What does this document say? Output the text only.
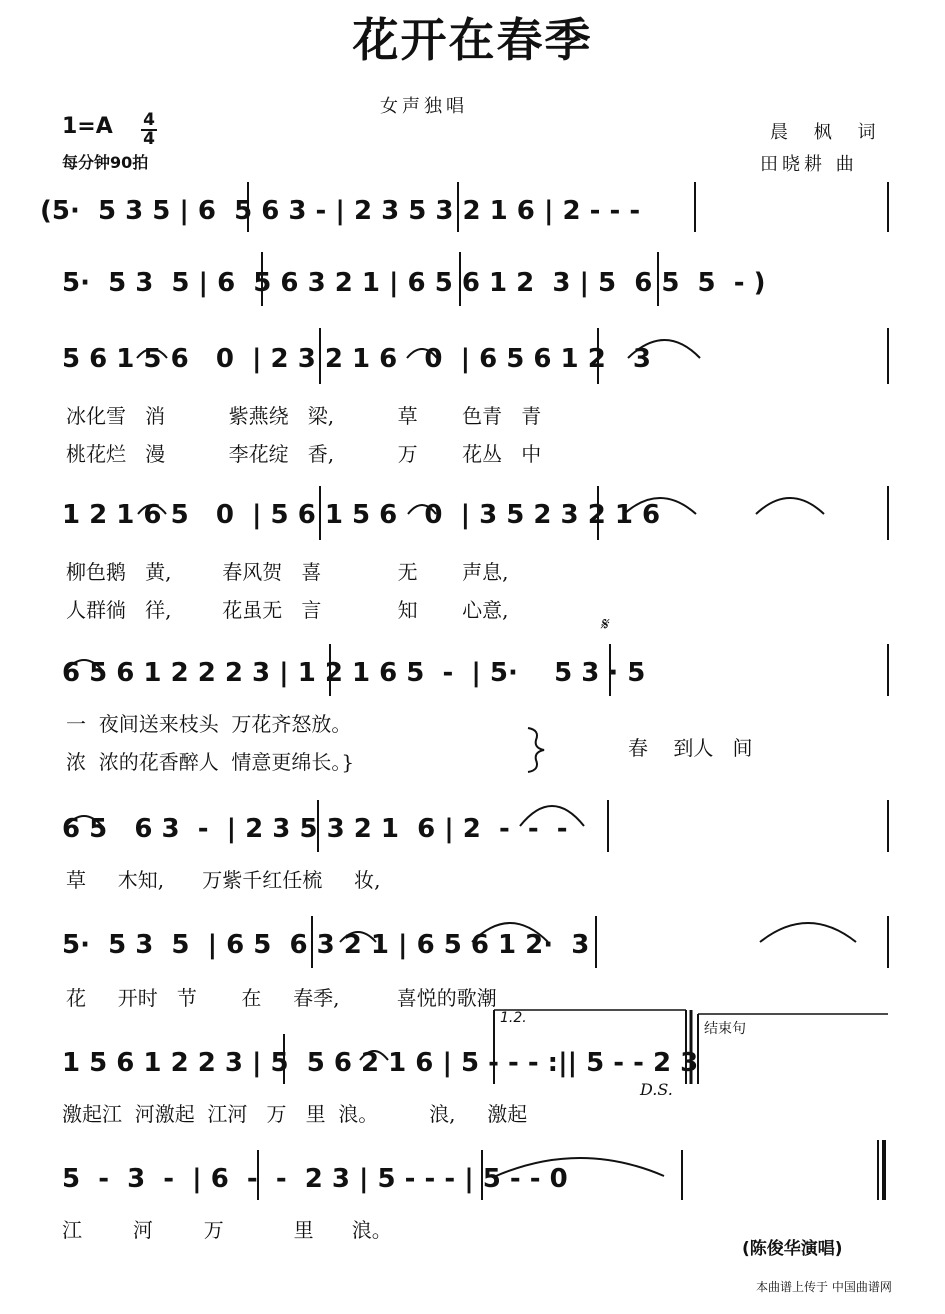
花开在春季
女声独唱
1=A 4
4
每分钟90拍
晨 枫 词
田晓耕 曲
(5·  5 3 5 | 6  5 6 3 - | 2 3 5 3 2 1 6 | 2 - - -
5·  5 3  5 | 6  5 6 3 2 1 | 6 5 6 1 2  3 | 5  6 5  5  - )
5 6 1 5 6   0  | 2 3 2 1 6   0  | 6 5 6 1 2   3
冰化雪   消          紫燕绕   梁,          草       色青   青
桃花烂   漫          李花绽   香,          万       花丛   中
1 2 1 6 5   0  | 5 6 1 5 6   0  | 3 5 2 3 2 1 6
柳色鹅   黄,        春风贺   喜            无       声息,
人群徜   徉,        花虽无   言            知       心意,
𝄋
6 5 6 1 2 2 2 3 | 1 2 1 6 5  -  | 5·    5 3 · 5
一  夜间送来枝头  万花齐怒放。
浓  浓的花香醉人  情意更绵长。}
春    到人   间
6 5   6 3  -  | 2 3 5 3 2 1  6 | 2  -  -  -
草     木知,      万紫千红任梳     妆,
5·  5 3  5  | 6 5  6 3 2 1 | 6 5 6 1 2·  3
花     开时   节       在     春季,         喜悦的歌潮
1 5 6 1 2 2 3 | 5  5 6 2 1 6 | 5 - - - :|| 5 - - 2 3
激起江  河激起  江河   万   里  浪。        浪,     激起
1.2.
结束句
D.S.
5  -  3  -  | 6  -  -  2 3 | 5 - - - | 5 - - 0
江        河        万           里      浪。
(陈俊华演唱)
本曲谱上传于 中国曲谱网
